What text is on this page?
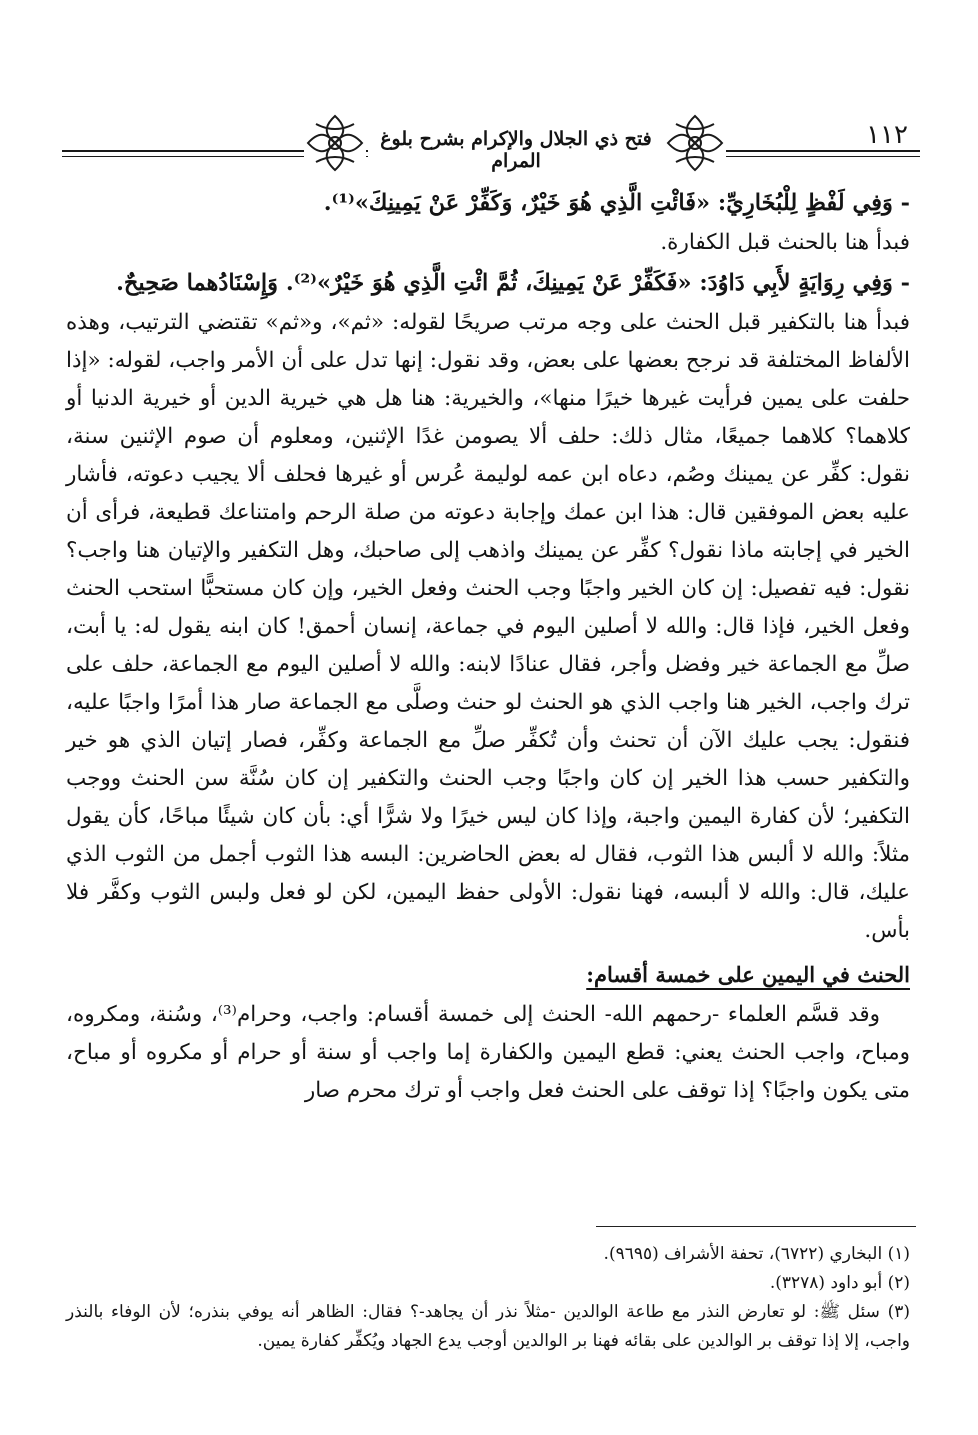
١١٢
فتح ذي الجلال والإكرام بشرح بلوغ المرام

- وَفِي لَفْظٍ لِلْبُخَارِيِّ: «فَائْتِ الَّذِي هُوَ خَيْرٌ، وَكَفِّرْ عَنْ يَمِينِكَ»⁽¹⁾.

فبدأ هنا بالحنث قبل الكفارة.

- وَفِي رِوَايَةٍ لأَبِي دَاوُدَ: «فَكَفِّرْ عَنْ يَمِينِكَ، ثُمَّ ائْتِ الَّذِي هُوَ خَيْرٌ»⁽²⁾. وَإِسْنَادُهما صَحِيحٌ.

فبدأ هنا بالتكفير قبل الحنث على وجه مرتب صريحًا لقوله: «ثم»، و«ثم» تقتضي الترتيب، وهذه الألفاظ المختلفة قد نرجح بعضها على بعض، وقد نقول: إنها تدل على أن الأمر واجب، لقوله: «إذا حلفت على يمين فرأيت غيرها خيرًا منها»، والخيرية: هنا هل هي خيرية الدين أو خيرية الدنيا أو كلاهما؟ كلاهما جميعًا، مثال ذلك: حلف ألا يصومن غدًا الإثنين، ومعلوم أن صوم الإثنين سنة، نقول: كفِّر عن يمينك وصُم، دعاه ابن عمه لوليمة عُرس أو غيرها فحلف ألا يجيب دعوته، فأشار عليه بعض الموفقين قال: هذا ابن عمك وإجابة دعوته من صلة الرحم وامتناعك قطيعة، فرأى أن الخير في إجابته ماذا نقول؟ كفِّر عن يمينك واذهب إلى صاحبك، وهل التكفير والإتيان هنا واجب؟ نقول: فيه تفصيل: إن كان الخير واجبًا وجب الحنث وفعل الخير، وإن كان مستحبًّا استحب الحنث وفعل الخير، فإذا قال: والله لا أصلين اليوم في جماعة، إنسان أحمق! كان ابنه يقول له: يا أبت، صلِّ مع الجماعة خير وفضل وأجر، فقال عنادًا لابنه: والله لا أصلين اليوم مع الجماعة، حلف على ترك واجب، الخير هنا واجب الذي هو الحنث لو حنث وصلَّى مع الجماعة صار هذا أمرًا واجبًا عليه، فنقول: يجب عليك الآن أن تحنث وأن تُكفِّر صلِّ مع الجماعة وكفِّر، فصار إتيان الذي هو خير والتكفير حسب هذا الخير إن كان واجبًا وجب الحنث والتكفير إن كان سُنَّة سن الحنث ووجب التكفير؛ لأن كفارة اليمين واجبة، وإذا كان ليس خيرًا ولا شرًّا أي: بأن كان شيئًا مباحًا، كأن يقول مثلاً: والله لا ألبس هذا الثوب، فقال له بعض الحاضرين: البسه هذا الثوب أجمل من الثوب الذي عليك، قال: والله لا ألبسه، فهنا نقول: الأولى حفظ اليمين، لكن لو فعل ولبس الثوب وكفَّر فلا بأس.

الحنث في اليمين على خمسة أقسام:

وقد قسَّم العلماء -رحمهم الله- الحنث إلى خمسة أقسام: واجب، وحرام⁽³⁾، وسُنة، ومكروه، ومباح، واجب الحنث يعني: قطع اليمين والكفارة إما واجب أو سنة أو حرام أو مكروه أو مباح، متى يكون واجبًا؟ إذا توقف على الحنث فعل واجب أو ترك محرم صار

(١) البخاري (٦٧٢٢)، تحفة الأشراف (٩٦٩٥).

(٢) أبو داود (٣٢٧٨).

(٣) سئل ﷺ: لو تعارض النذر مع طاعة الوالدين -مثلاً نذر أن يجاهد-؟ فقال: الظاهر أنه يوفي بنذره؛ لأن الوفاء بالنذر واجب، إلا إذا توقف بر الوالدين على بقائه فهنا بر الوالدين أوجب يدع الجهاد ويُكفِّر كفارة يمين.
